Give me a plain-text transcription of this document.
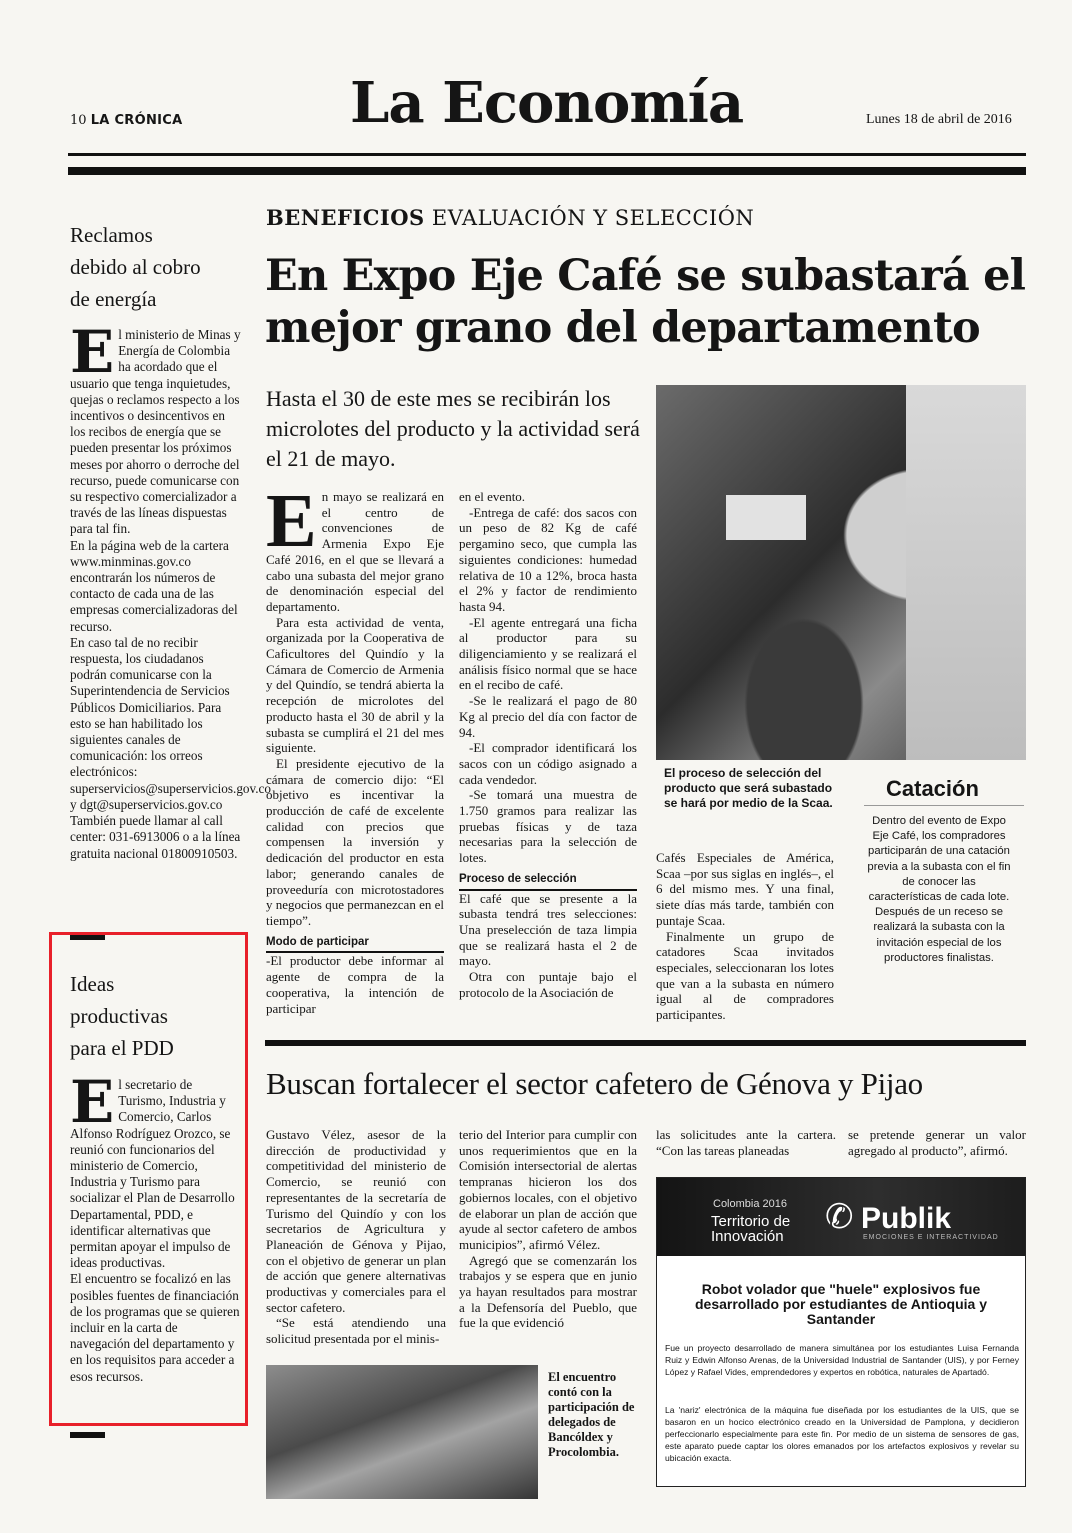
10 LA CRÓNICA	La Economía	Lunes 18 de abril de 2016
Reclamos
debido al cobro
de energía
E l ministerio de Minas y Energía de Colombia ha acordado que el usuario que tenga inquietudes, quejas o reclamos respecto a los incentivos o desincentivos en los recibos de energía que se pueden presentar los próximos meses por ahorro o derroche del recurso, puede comunicarse con su respectivo comercializador a través de las líneas dispuestas para tal fin.

En la página web de la cartera www.minminas.gov.co encontrarán los números de contacto de cada una de las empresas comercializadoras del recurso.

En caso tal de no recibir respuesta, los ciudadanos podrán comunicarse con la Superintendencia de Servicios Públicos Domiciliarios. Para esto se han habilitado los siguientes canales de comunicación: los orreos electrónicos: superservicios@superservicios.gov.co y dgt@superservicios.gov.co

También puede llamar al call center: 031-6913006 o a la línea gratuita nacional 01800910503.

Ideas
productivas
para el PDD
E l secretario de Turismo, Industria y Comercio, Carlos Alfonso Rodríguez Orozco, se reunió con funcionarios del ministerio de Comercio, Industria y Turismo para socializar el Plan de Desarrollo Departamental, PDD, e identificar alternativas que permitan apoyar el impulso de ideas productivas.

El encuentro se focalizó en las posibles fuentes de financiación de los programas que se quieren incluir en la carta de navegación del departamento y en los requisitos para acceder a esos recursos.

BENEFICIOS EVALUACIÓN Y SELECCIÓN
En Expo Eje Café se subastará el
mejor grano del departamento
Hasta el 30 de este mes se recibirán los microlotes del producto y la actividad será el 21 de mayo.
E n mayo se realizará en el centro de convenciones de Armenia Expo Eje Café 2016, en el que se llevará a cabo una subasta del mejor grano de denominación especial del departamento.

Para esta actividad de venta, organizada por la Cooperativa de Caficultores del Quindío y la Cámara de Comercio de Armenia y del Quindío, se tendrá abierta la recepción de microlotes del producto hasta el 30 de abril y la subasta se cumplirá el 21 del mes siguiente.

El presidente ejecutivo de la cámara de comercio dijo: “El objetivo es incentivar la producción de café de excelente calidad con precios que compensen la inversión y dedicación del productor en esta labor; generando canales de proveeduría con microtostadores y negocios que permanezcan en el tiempo”.

Modo de participar

-El productor debe informar al agente de compra de la cooperativa, la intención de participar

en el evento.

-Entrega de café: dos sacos con un peso de 82 Kg de café pergamino seco, que cumpla las siguientes condiciones: humedad relativa de 10 a 12%, broca hasta el 2% y factor de rendimiento hasta 94.

-El agente entregará una ficha al productor para su diligenciamiento y se realizará el análisis físico normal que se hace en el recibo de café.

-Se le realizará el pago de 80 Kg al precio del día con factor de 94.

-El comprador identificará los sacos con un código asignado a cada vendedor.

-Se tomará una muestra de 1.750 gramos para realizar las pruebas físicas y de taza necesarias para la selección de lotes.

Proceso de selección

El café que se presente a la subasta tendrá tres selecciones: Una preselección de taza limpia que se realizará hasta el 2 de mayo.

Otra con puntaje bajo el protocolo de la Asociación de

El proceso de selección del producto que será subastado se hará por medio de la Scaa.

Cafés Especiales de América, Scaa –por sus siglas en inglés–, el 6 del mismo mes. Y una final, siete días más tarde, también con puntaje Scaa.

Finalmente un grupo de catadores Scaa invitados especiales, seleccionaran los lotes que van a la subasta en número igual al de compradores participantes.

Catación

Dentro del evento de Expo Eje Café, los compradores participarán de una catación previa a la subasta con el fin de conocer las características de cada lote.

Después de un receso se realizará la subasta con la invitación especial de los productores finalistas.

Buscan fortalecer el sector cafetero de Génova y Pijao

Gustavo Vélez, asesor de la dirección de productividad y competitividad del ministerio de Comercio, se reunió con representantes de la secretaría de Turismo del Quindío y con los secretarios de Agricultura y Planeación de Génova y Pijao, con el objetivo de generar un plan de acción que genere alternativas productivas y comerciales para el sector cafetero.

“Se está atendiendo una solicitud presentada por el minis-

terio del Interior para cumplir con unos requerimientos que en la Comisión intersectorial de alertas tempranas hicieron los dos gobiernos locales, con el objetivo de elaborar un plan de acción que ayude al sector cafetero de ambos municipios”, afirmó Vélez.

Agregó que se comenzarán los trabajos y se espera que en junio ya hayan resultados para mostrar a la Defensoría del Pueblo, que fue la que evidenció

las solicitudes ante la cartera. “Con las tareas planeadas
se pretende generar un valor agregado al producto”, afirmó.
El encuentro contó con la participación de delegados de Bancóldex y Procolombia.
Colombia 2016
Territorio de
Innovación ✆ Publik
EMOCIONES E INTERACTIVIDAD
Robot volador que "huele" explosivos fue desarrollado por estudiantes de Antioquia y Santander
Fue un proyecto desarrollado de manera simultánea por los estudiantes Luisa Fernanda Ruiz y Edwin Alfonso Arenas, de la Universidad Industrial de Santander (UIS), y por Ferney López y Rafael Vides, emprendedores y expertos en robótica, naturales de Apartadó.
La 'nariz' electrónica de la máquina fue diseñada por los estudiantes de la UIS, que se basaron en un hocico electrónico creado en la Universidad de Pamplona, y decidieron perfeccionarlo especialmente para este fin. Por medio de un sistema de sensores de gas, este aparato puede captar los olores emanados por los artefactos explosivos y revelar su ubicación exacta.
